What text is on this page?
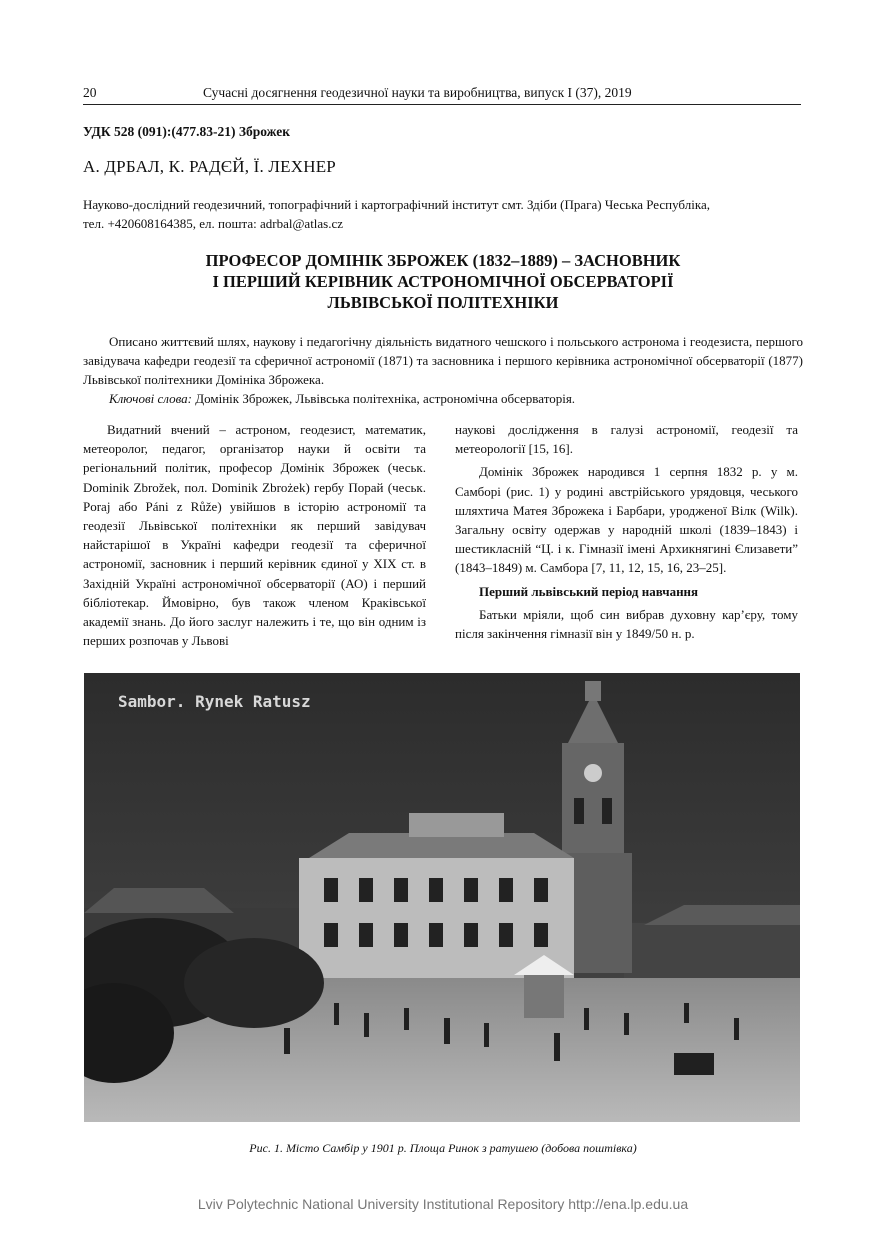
20	Сучасні досягнення геодезичної науки та виробництва, випуск І (37), 2019
УДК 528 (091):(477.83-21) Зброжек
А. ДРБАЛ, К. РАДЄЙ, Ї. ЛЕХНЕР
Науково-дослідний геодезичний, топографічний і картографічний інститут смт. Здіби (Прага) Чеська Республіка,
тел. +420608164385, ел. пошта: adrbal@atlas.cz
ПРОФЕСОР ДОМІНІК ЗБРОЖЕК (1832–1889) – ЗАСНОВНИК
І ПЕРШИЙ КЕРІВНИК АСТРОНОМІЧНОЇ ОБСЕРВАТОРІЇ
ЛЬВІВСЬКОЇ ПОЛІТЕХНІКИ

Описано життєвий шлях, наукову і педагогічну діяльність видатного чешского і польського астронома і геодезиста, першого завідувача кафедри геодезії та сферичної астрономії (1871) та засновника і першого керівника астрономічної обсерваторії (1877) Львівської політехники Домініка Зброжека.

Ключові слова: Домінік Зброжек, Львівська політехніка, астрономічна обсерваторія.

Видатний вчений – астроном, геодезист, математик, метеоролог, педагог, організатор науки й освіти та регіональний політик, професор Домінік Зброжек (чеськ. Dominik Zbrožek, пол. Dominik Zbrożek) гербу Порай (чеськ. Poraj або Páni z Růže) увійшов в історію астрономії та геодезії Львівської політехніки як перший завідувач найстарішої в Україні кафедри геодезії та сферичної астрономії, засновник і перший керівник єдиної у ХІХ ст. в Західній Україні астрономічної обсерваторії (АО) і перший бібліотекар. Ймовірно, був також членом Краківської академії знань. До його заслуг належить і те, що він одним із перших розпочав у Львові

наукові дослідження в галузі астрономії, геодезії та метеорології [15, 16].

Домінік Зброжек народився 1 серпня 1832 р. у м. Самборі (рис. 1) у родині австрійського урядовця, чеського шляхтича Матея Зброжека і Барбари, уродженої Вілк (Wilk). Загальну освіту одержав у народній школі (1839–1843) і шестикласній “Ц. і к. Гімназії імені Архикнягині Єлизавети” (1843–1849) м. Самбора [7, 11, 12, 15, 16, 23–25].

Перший львівський період навчання

Батьки мріяли, щоб син вибрав духовну кар’єру, тому після закінчення гімназії він у 1849/50 н. р.

Sambor. Rynek Ratusz
Рис. 1. Місто Самбір у 1901 р. Площа Ринок з ратушею (добова поштівка)
Lviv Polytechnic National University Institutional Repository http://ena.lp.edu.ua
